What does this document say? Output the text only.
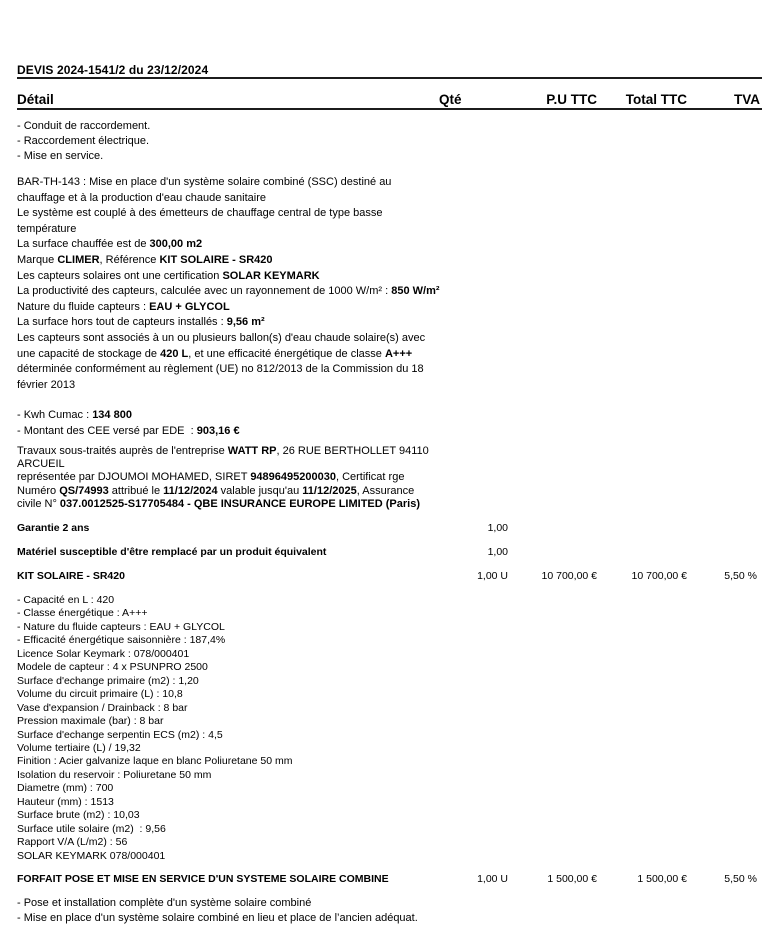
DEVIS 2024-1541/2 du 23/12/2024
Détail	Qté	P.U TTC	Total TTC	TVA
- Conduit de raccordement.
- Raccordement électrique.
- Mise en service.
BAR-TH-143 : Mise en place d'un système solaire combiné (SSC) destiné au
chauffage et à la production d'eau chaude sanitaire
Le système est couplé à des émetteurs de chauffage central de type basse
température
La surface chauffée est de 300,00 m2
Marque CLIMER, Référence KIT SOLAIRE - SR420
Les capteurs solaires ont une certification SOLAR KEYMARK
La productivité des capteurs, calculée avec un rayonnement de 1000 W/m² : 850 W/m²
Nature du fluide capteurs : EAU + GLYCOL
La surface hors tout de capteurs installés : 9,56 m²
Les capteurs sont associés à un ou plusieurs ballon(s) d'eau chaude solaire(s) avec
une capacité de stockage de 420 L, et une efficacité énergétique de classe A+++
déterminée conformément au règlement (UE) no 812/2013 de la Commission du 18
février 2013
- Kwh Cumac : 134 800
- Montant des CEE versé par EDE  : 903,16 €
Travaux sous-traités auprès de l'entreprise WATT RP, 26 RUE BERTHOLLET 94110
ARCUEIL
représentée par DJOUMOI MOHAMED, SIRET 94896495200030, Certificat rge
Numéro QS/74993 attribué le 11/12/2024 valable jusqu'au 11/12/2025, Assurance
civile N° 037.0012525-S17705484 - QBE INSURANCE EUROPE LIMITED (Paris)
Garantie 2 ans	1,00
Matériel susceptible d'être remplacé par un produit équivalent	1,00
KIT SOLAIRE - SR420	1,00 U	10 700,00 €	10 700,00 €	5,50 %
- Capacité en L : 420
- Classe énergétique : A+++
- Nature du fluide capteurs : EAU + GLYCOL
- Efficacité énergétique saisonnière : 187,4%
Licence Solar Keymark : 078/000401
Modele de capteur : 4 x PSUNPRO 2500
Surface d'echange primaire (m2) : 1,20
Volume du circuit primaire (L) : 10,8
Vase d'expansion / Drainback : 8 bar
Pression maximale (bar) : 8 bar
Surface d'echange serpentin ECS (m2) : 4,5
Volume tertiaire (L) / 19,32
Finition : Acier galvanize laque en blanc Poliuretane 50 mm
Isolation du reservoir : Poliuretane 50 mm
Diametre (mm) : 700
Hauteur (mm) : 1513
Surface brute (m2) : 10,03
Surface utile solaire (m2)  : 9,56
Rapport V/A (L/m2) : 56
SOLAR KEYMARK 078/000401
FORFAIT POSE ET MISE EN SERVICE D'UN SYSTEME SOLAIRE COMBINE	1,00 U	1 500,00 €	1 500,00 €	5,50 %
- Pose et installation complète d'un système solaire combiné
- Mise en place d'un système solaire combiné en lieu et place de l’ancien adéquat.
